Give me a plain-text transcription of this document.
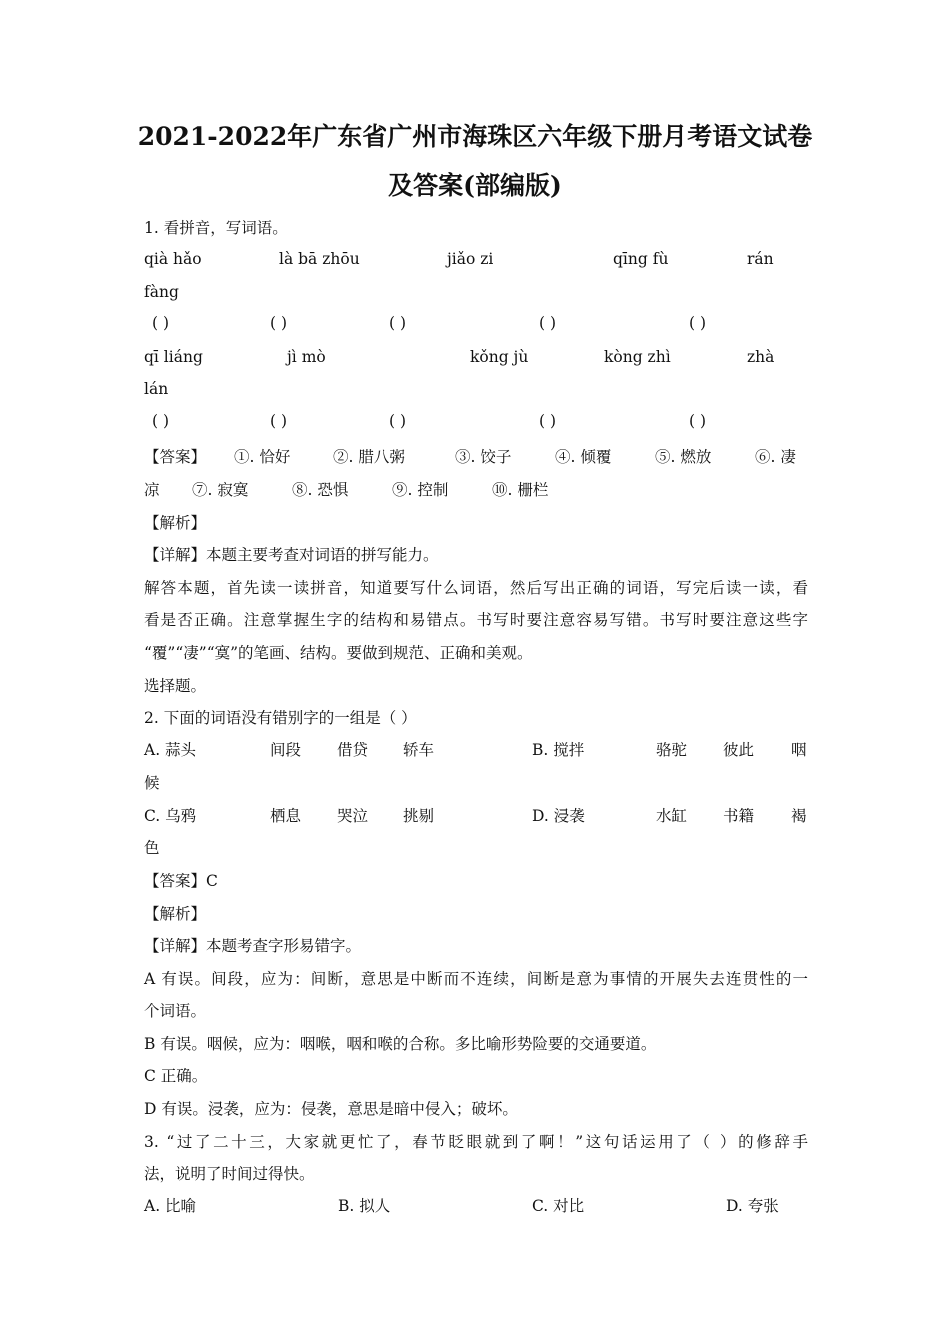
2021-2022年广东省广州市海珠区六年级下册月考语文试卷
及答案(部编版)
1. 看拼音，写词语。
qià hǎo	là bā zhōu	jiǎo zi	qīng fù	rán
fàng
( )	( )	( )	( )	( )
qī liáng	jì mò	kǒng jù	kòng zhì	zhà
lán
( )	( )	( )	( )	( )
【答案】 ①. 恰好	②. 腊八粥	③. 饺子	④. 倾覆	⑤. 燃放	⑥. 凄
凉 ⑦. 寂寞	⑧. 恐惧	⑨. 控制	⑩. 栅栏
【解析】
【详解】本题主要考查对词语的拼写能力。
解答本题，首先读一读拼音，知道要写什么词语，然后写出正确的词语，写完后读一读，看
看是否正确。注意掌握生字的结构和易错点。书写时要注意容易写错。书写时要注意这些字
“覆”“凄”“寞”的笔画、结构。要做到规范、正确和美观。
选择题。
2. 下面的词语没有错别字的一组是（ ）
A. 蒜头	间段 借贷 轿车	B. 搅拌	骆驼 彼此 咽
候
C. 乌鸦	栖息 哭泣 挑剔	D. 浸袭	水缸 书籍 褐
色
【答案】C
【解析】
【详解】本题考查字形易错字。
A 有误。间段，应为：间断，意思是中断而不连续，间断是意为事情的开展失去连贯性的一
个词语。
B 有误。咽候，应为：咽喉，咽和喉的合称。多比喻形势险要的交通要道。
C 正确。
D 有误。浸袭，应为：侵袭，意思是暗中侵入；破坏。
3. “过了二十三，大家就更忙了，春节眨眼就到了啊！”这句话运用了（ ）的修辞手
法，说明了时间过得快。
A. 比喻	B. 拟人	C. 对比	D. 夸张
